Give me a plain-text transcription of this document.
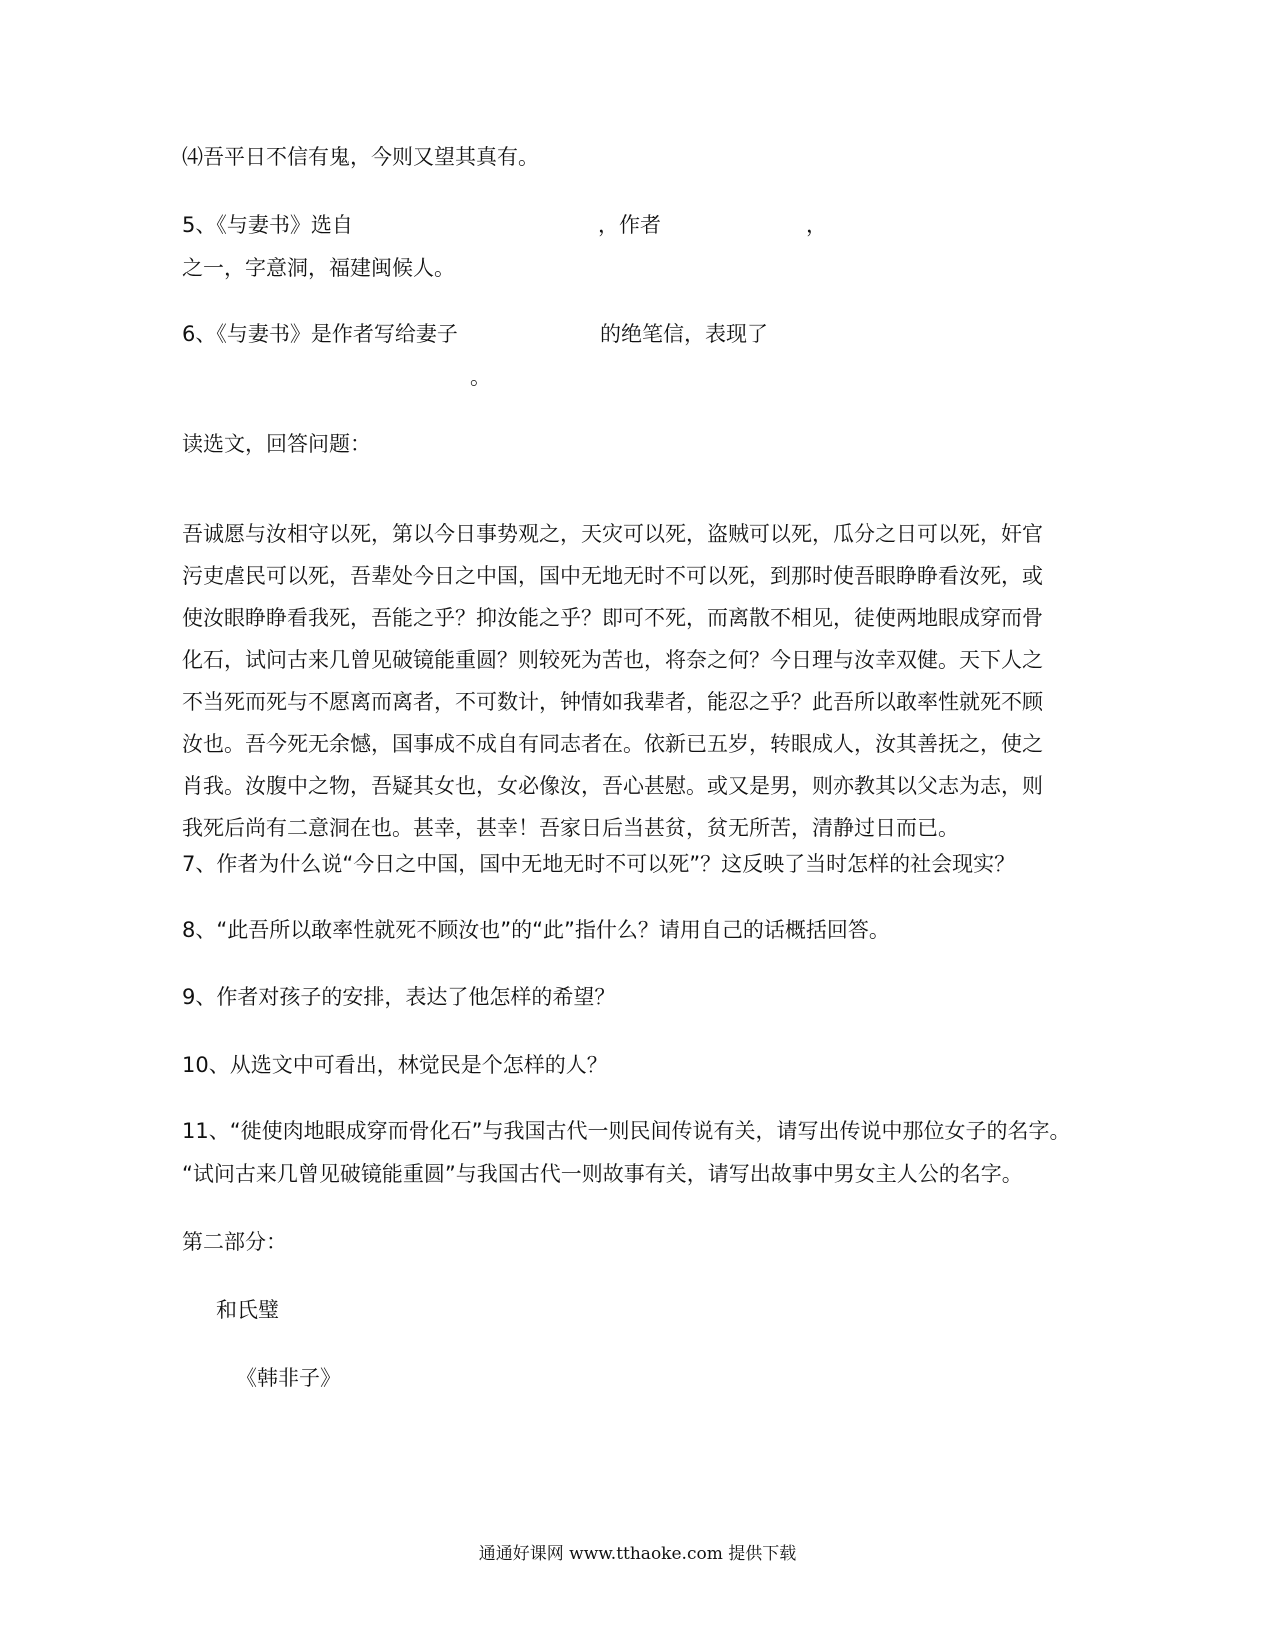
⑷吾平日不信有鬼，今则又望其真有。
5、《与妻书》选自	，作者	，
之一，字意洞，福建闽候人。
6、《与妻书》是作者写给妻子	的绝笔信，表现了
。
读选文，回答问题：
吾诚愿与汝相守以死，第以今日事势观之，天灾可以死，盗贼可以死，瓜分之日可以死，奸官
污吏虐民可以死，吾辈处今日之中国，国中无地无时不可以死，到那时使吾眼睁睁看汝死，或
使汝眼睁睁看我死，吾能之乎？抑汝能之乎？即可不死，而离散不相见，徒使两地眼成穿而骨
化石，试问古来几曾见破镜能重圆？则较死为苦也，将奈之何？今日理与汝幸双健。天下人之
不当死而死与不愿离而离者，不可数计，钟情如我辈者，能忍之乎？此吾所以敢率性就死不顾
汝也。吾今死无余憾，国事成不成自有同志者在。依新已五岁，转眼成人，汝其善抚之，使之
肖我。汝腹中之物，吾疑其女也，女必像汝，吾心甚慰。或又是男，则亦教其以父志为志，则
我死后尚有二意洞在也。甚幸，甚幸！吾家日后当甚贫，贫无所苦，清静过日而已。
7、作者为什么说“今日之中国，国中无地无时不可以死”？这反映了当时怎样的社会现实？
8、“此吾所以敢率性就死不顾汝也”的“此”指什么？请用自己的话概括回答。
9、作者对孩子的安排，表达了他怎样的希望？
10、从选文中可看出，林觉民是个怎样的人？
11、“徙使肉地眼成穿而骨化石”与我国古代一则民间传说有关，请写出传说中那位女子的名字。
“试问古来几曾见破镜能重圆”与我国古代一则故事有关，请写出故事中男女主人公的名字。
第二部分：
和氏璧
《韩非子》
通通好课网 www.tthaoke.com 提供下载
